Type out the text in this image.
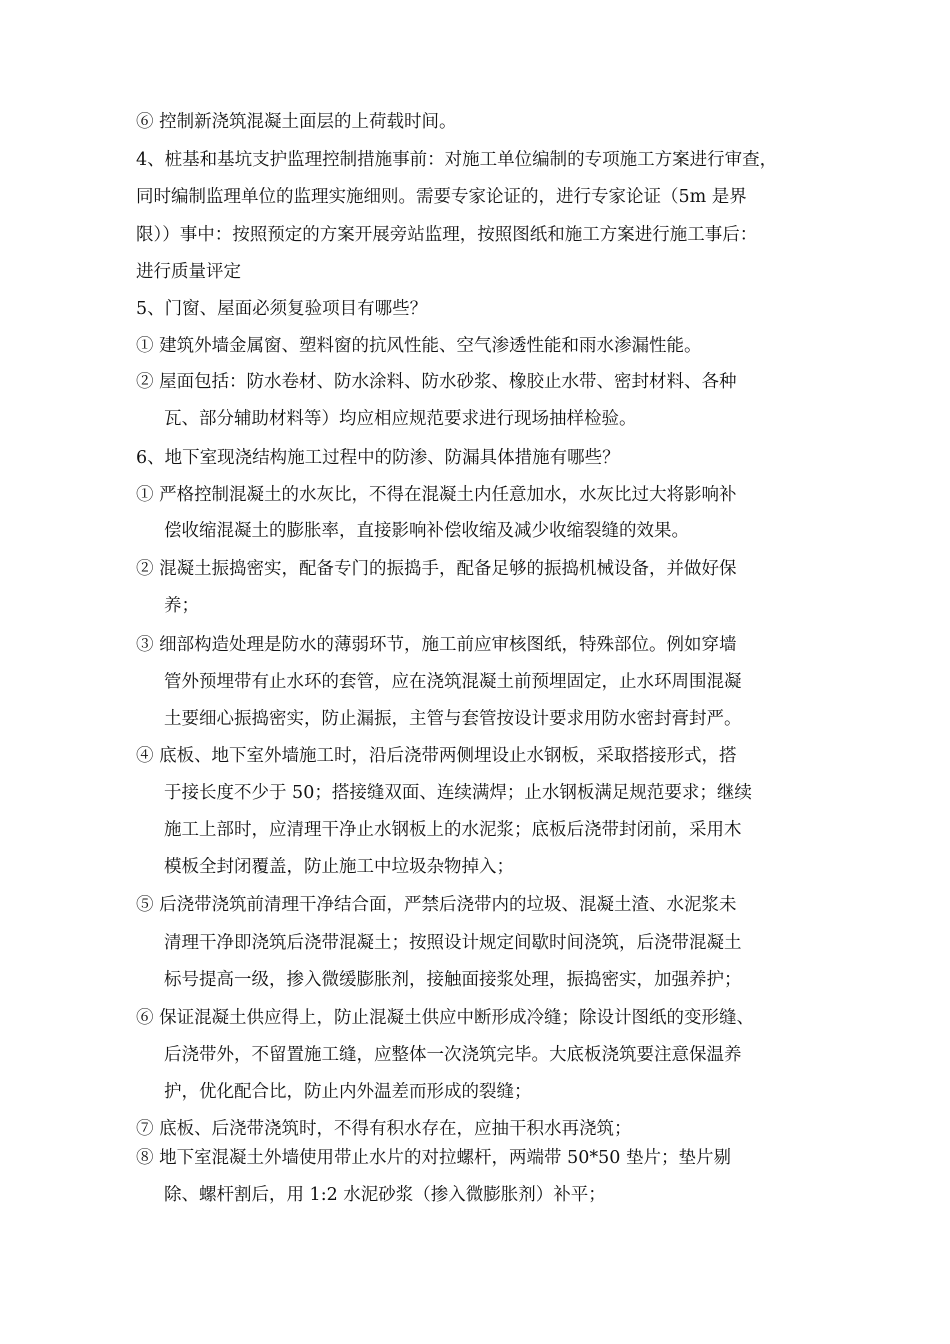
⑥ 控制新浇筑混凝土面层的上荷载时间。
4、桩基和基坑支护监理控制措施事前：对施工单位编制的专项施工方案进行审查，
同时编制监理单位的监理实施细则。需要专家论证的，进行专家论证（5m 是界
限））事中：按照预定的方案开展旁站监理，按照图纸和施工方案进行施工事后：
进行质量评定
5、门窗、屋面必须复验项目有哪些？
① 建筑外墙金属窗、塑料窗的抗风性能、空气渗透性能和雨水渗漏性能。
② 屋面包括：防水卷材、防水涂料、防水砂浆、橡胶止水带、密封材料、各种
瓦、部分辅助材料等）均应相应规范要求进行现场抽样检验。
6、地下室现浇结构施工过程中的防渗、防漏具体措施有哪些？
① 严格控制混凝土的水灰比，不得在混凝土内任意加水，水灰比过大将影响补
偿收缩混凝土的膨胀率，直接影响补偿收缩及减少收缩裂缝的效果。
② 混凝土振捣密实，配备专门的振捣手，配备足够的振捣机械设备，并做好保
养；
③ 细部构造处理是防水的薄弱环节，施工前应审核图纸，特殊部位。例如穿墙
管外预埋带有止水环的套管，应在浇筑混凝土前预埋固定，止水环周围混凝
土要细心振捣密实，防止漏振，主管与套管按设计要求用防水密封膏封严。
④ 底板、地下室外墙施工时，沿后浇带两侧埋设止水钢板，采取搭接形式，搭
于接长度不少于 50；搭接缝双面、连续满焊；止水钢板满足规范要求；继续
施工上部时，应清理干净止水钢板上的水泥浆；底板后浇带封闭前，采用木
模板全封闭覆盖，防止施工中垃圾杂物掉入；
⑤ 后浇带浇筑前清理干净结合面，严禁后浇带内的垃圾、混凝土渣、水泥浆未
清理干净即浇筑后浇带混凝土；按照设计规定间歇时间浇筑，后浇带混凝土
标号提高一级，掺入微缓膨胀剂，接触面接浆处理，振捣密实，加强养护；
⑥ 保证混凝土供应得上，防止混凝土供应中断形成冷缝；除设计图纸的变形缝、
后浇带外，不留置施工缝，应整体一次浇筑完毕。大底板浇筑要注意保温养
护，优化配合比，防止内外温差而形成的裂缝；
⑦ 底板、后浇带浇筑时，不得有积水存在，应抽干积水再浇筑；
⑧ 地下室混凝土外墙使用带止水片的对拉螺杆，两端带 50*50 垫片；垫片剔
除、螺杆割后，用 1:2 水泥砂浆（掺入微膨胀剂）补平；
